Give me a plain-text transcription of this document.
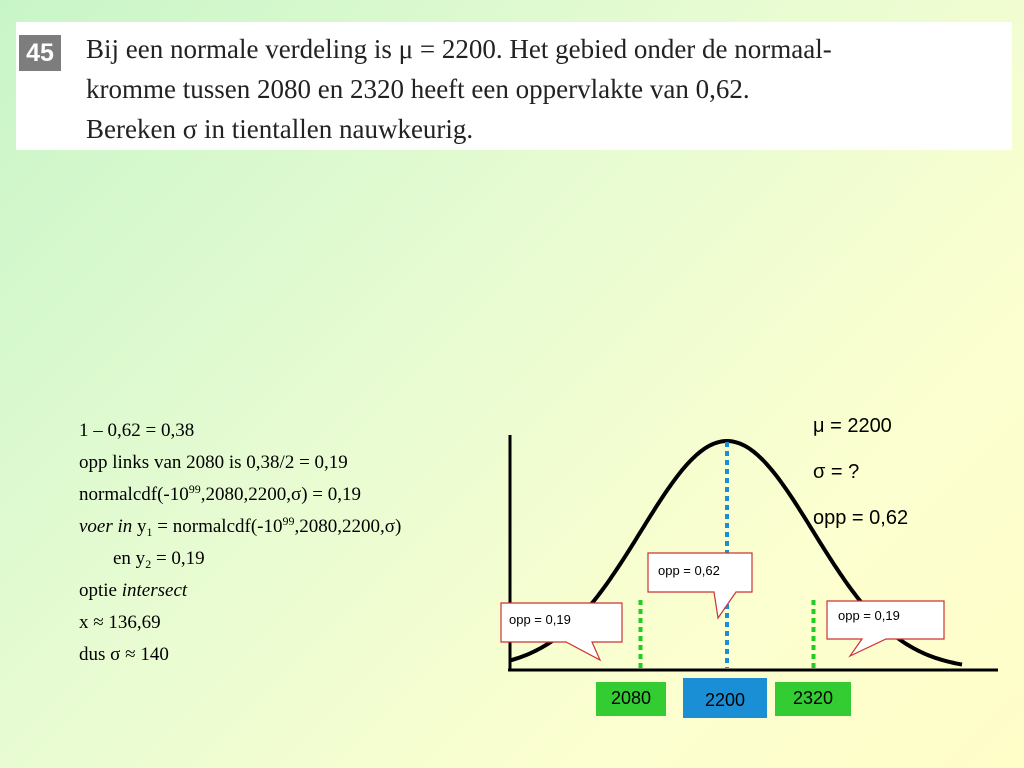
45 Bij een normale verdeling is μ = 2200. Het gebied onder de normaal-
kromme tussen 2080 en 2320 heeft een oppervlakte van 0,62.
Bereken σ in tientallen nauwkeurig.
1 – 0,62 = 0,38
opp links van 2080 is 0,38/2 = 0,19
$normalcdf(-10^{99},2080,2200,\sigma) = 0,19$
voer in $y_1$ = $normalcdf(-10^{99},2080,2200,\sigma)$
en $y_2 = 0,19$
optie intersect
x ≈ 136,69
dus σ ≈ 140
μ = 2200
σ = ?
opp = 0,62
opp = 0,62
opp = 0,19	opp = 0,19
2080	2200	2320
